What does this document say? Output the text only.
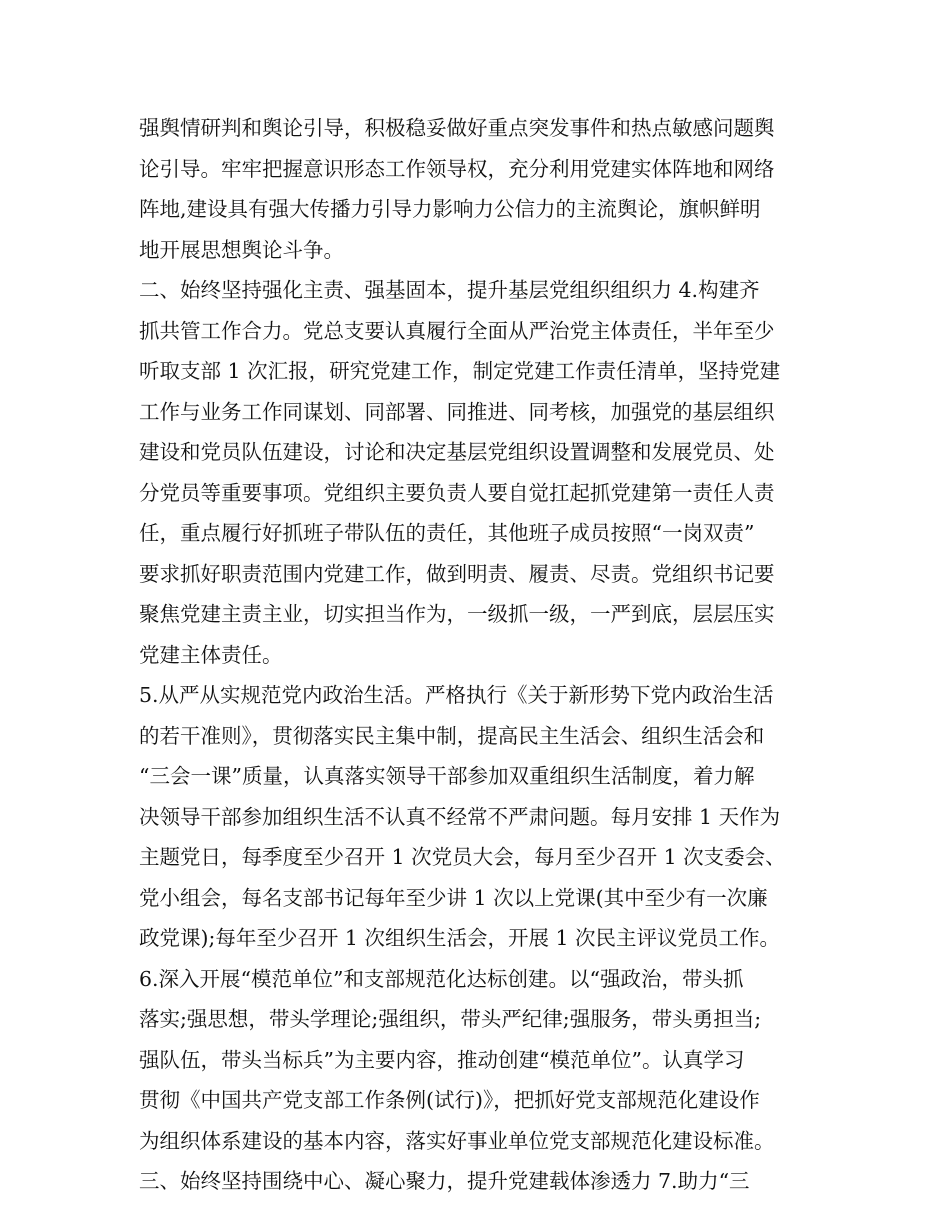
强舆情研判和舆论引导，积极稳妥做好重点突发事件和热点敏感问题舆
论引导。牢牢把握意识形态工作领导权，充分利用党建实体阵地和网络
阵地,建设具有强大传播力引导力影响力公信力的主流舆论，旗帜鲜明
地开展思想舆论斗争。
二、始终坚持强化主责、强基固本，提升基层党组织组织力 4.构建齐
抓共管工作合力。党总支要认真履行全面从严治党主体责任，半年至少
听取支部 1 次汇报，研究党建工作，制定党建工作责任清单，坚持党建
工作与业务工作同谋划、同部署、同推进、同考核，加强党的基层组织
建设和党员队伍建设，讨论和决定基层党组织设置调整和发展党员、处
分党员等重要事项。党组织主要负责人要自觉扛起抓党建第一责任人责
任，重点履行好抓班子带队伍的责任，其他班子成员按照“一岗双责”
要求抓好职责范围内党建工作，做到明责、履责、尽责。党组织书记要
聚焦党建主责主业，切实担当作为，一级抓一级，一严到底，层层压实
党建主体责任。
5.从严从实规范党内政治生活。严格执行《关于新形势下党内政治生活
的若干准则》，贯彻落实民主集中制，提高民主生活会、组织生活会和
“三会一课”质量，认真落实领导干部参加双重组织生活制度，着力解
决领导干部参加组织生活不认真不经常不严肃问题。每月安排 1 天作为
主题党日，每季度至少召开 1 次党员大会，每月至少召开 1 次支委会、
党小组会，每名支部书记每年至少讲 1 次以上党课(其中至少有一次廉
政党课);每年至少召开 1 次组织生活会，开展 1 次民主评议党员工作。
6.深入开展“模范单位”和支部规范化达标创建。以“强政治，带头抓
落实;强思想，带头学理论;强组织，带头严纪律;强服务，带头勇担当;
强队伍，带头当标兵”为主要内容，推动创建“模范单位”。认真学习
贯彻《中国共产党支部工作条例(试行)》，把抓好党支部规范化建设作
为组织体系建设的基本内容，落实好事业单位党支部规范化建设标准。
三、始终坚持围绕中心、凝心聚力，提升党建载体渗透力 7.助力“三
